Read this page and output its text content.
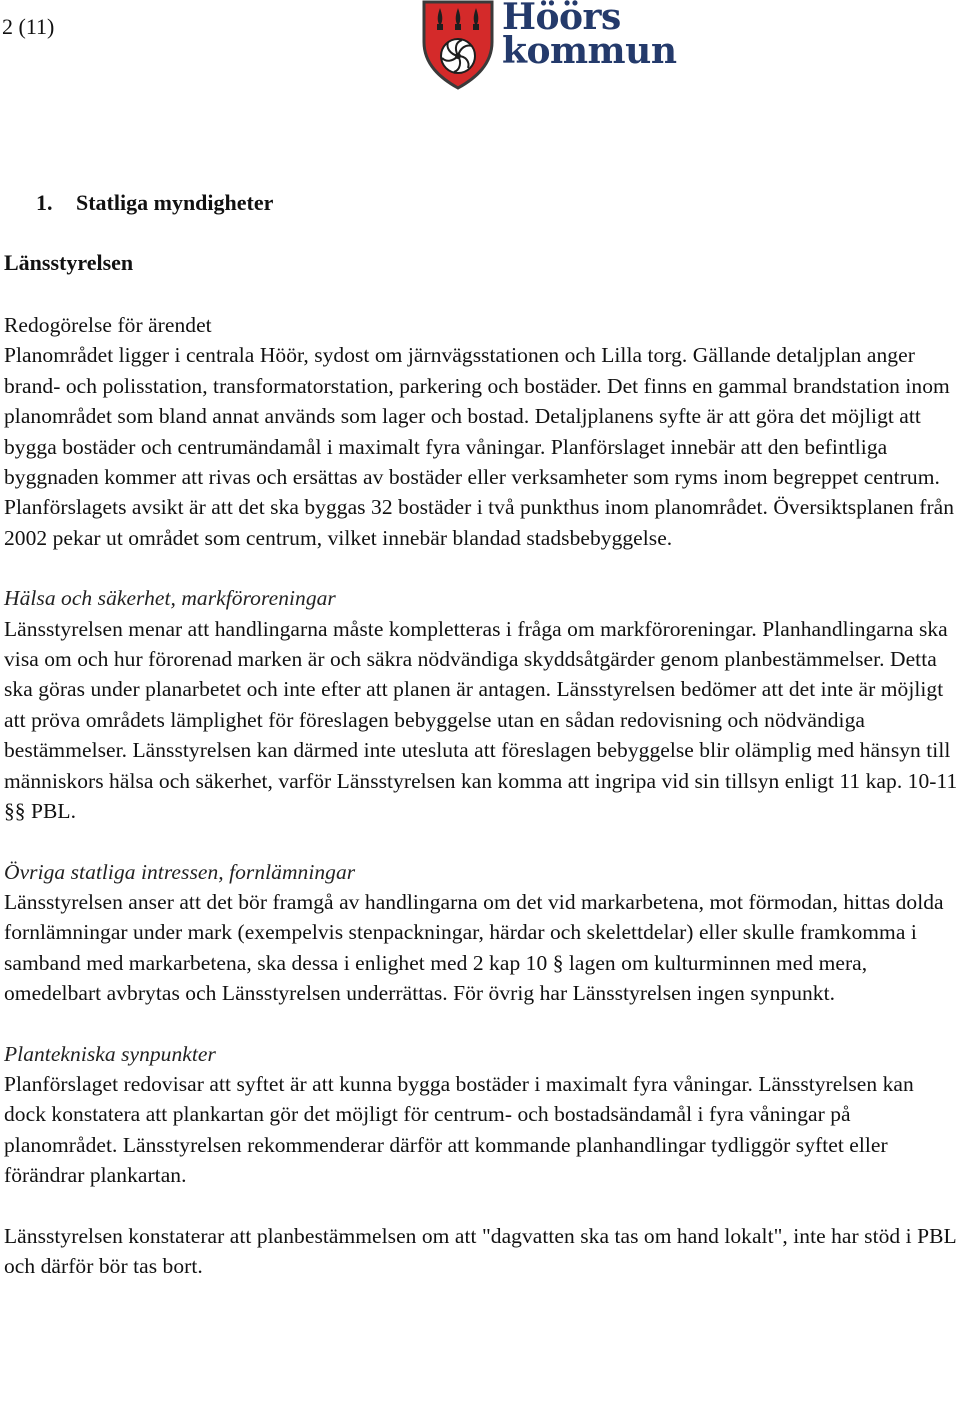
2 (11)	Höörs
kommun
1. Statliga myndigheter
Länsstyrelsen

Redogörelse för ärendet

Planområdet ligger i centrala Höör, sydost om järnvägsstationen och Lilla torg. Gällande detaljplan anger brand- och polisstation, transformatorstation, parkering och bostäder. Det finns en gammal brandstation inom planområdet som bland annat används som lager och bostad. Detaljplanens syfte är att göra det möjligt att bygga bostäder och centrumändamål i maximalt fyra våningar. Planförslaget innebär att den befintliga byggnaden kommer att rivas och ersättas av bostäder eller verksamheter som ryms inom begreppet centrum. Planförslagets avsikt är att det ska byggas 32 bostäder i två punkthus inom planområdet. Översiktsplanen från 2002 pekar ut området som centrum, vilket innebär blandad stadsbebyggelse.

Hälsa och säkerhet, markföroreningar

Länsstyrelsen menar att handlingarna måste kompletteras i fråga om markföroreningar. Planhandlingarna ska visa om och hur förorenad marken är och säkra nödvändiga skyddsåtgärder genom planbestämmelser. Detta ska göras under planarbetet och inte efter att planen är antagen. Länsstyrelsen bedömer att det inte är möjligt att pröva områdets lämplighet för föreslagen bebyggelse utan en sådan redovisning och nödvändiga bestämmelser. Länsstyrelsen kan därmed inte utesluta att föreslagen bebyggelse blir olämplig med hänsyn till människors hälsa och säkerhet, varför Länsstyrelsen kan komma att ingripa vid sin tillsyn enligt 11 kap. 10-11 §§ PBL.

Övriga statliga intressen, fornlämningar

Länsstyrelsen anser att det bör framgå av handlingarna om det vid markarbetena, mot förmodan, hittas dolda fornlämningar under mark (exempelvis stenpackningar, härdar och skelettdelar) eller skulle framkomma i samband med markarbetena, ska dessa i enlighet med 2 kap 10 § lagen om kulturminnen med mera, omedelbart avbrytas och Länsstyrelsen underrättas. För övrig har Länsstyrelsen ingen synpunkt.

Plantekniska synpunkter

Planförslaget redovisar att syftet är att kunna bygga bostäder i maximalt fyra våningar. Länsstyrelsen kan dock konstatera att plankartan gör det möjligt för centrum- och bostadsändamål i fyra våningar på planområdet. Länsstyrelsen rekommenderar därför att kommande planhandlingar tydliggör syftet eller förändrar plankartan.

Länsstyrelsen konstaterar att planbestämmelsen om att "dagvatten ska tas om hand lokalt", inte har stöd i PBL och därför bör tas bort.
